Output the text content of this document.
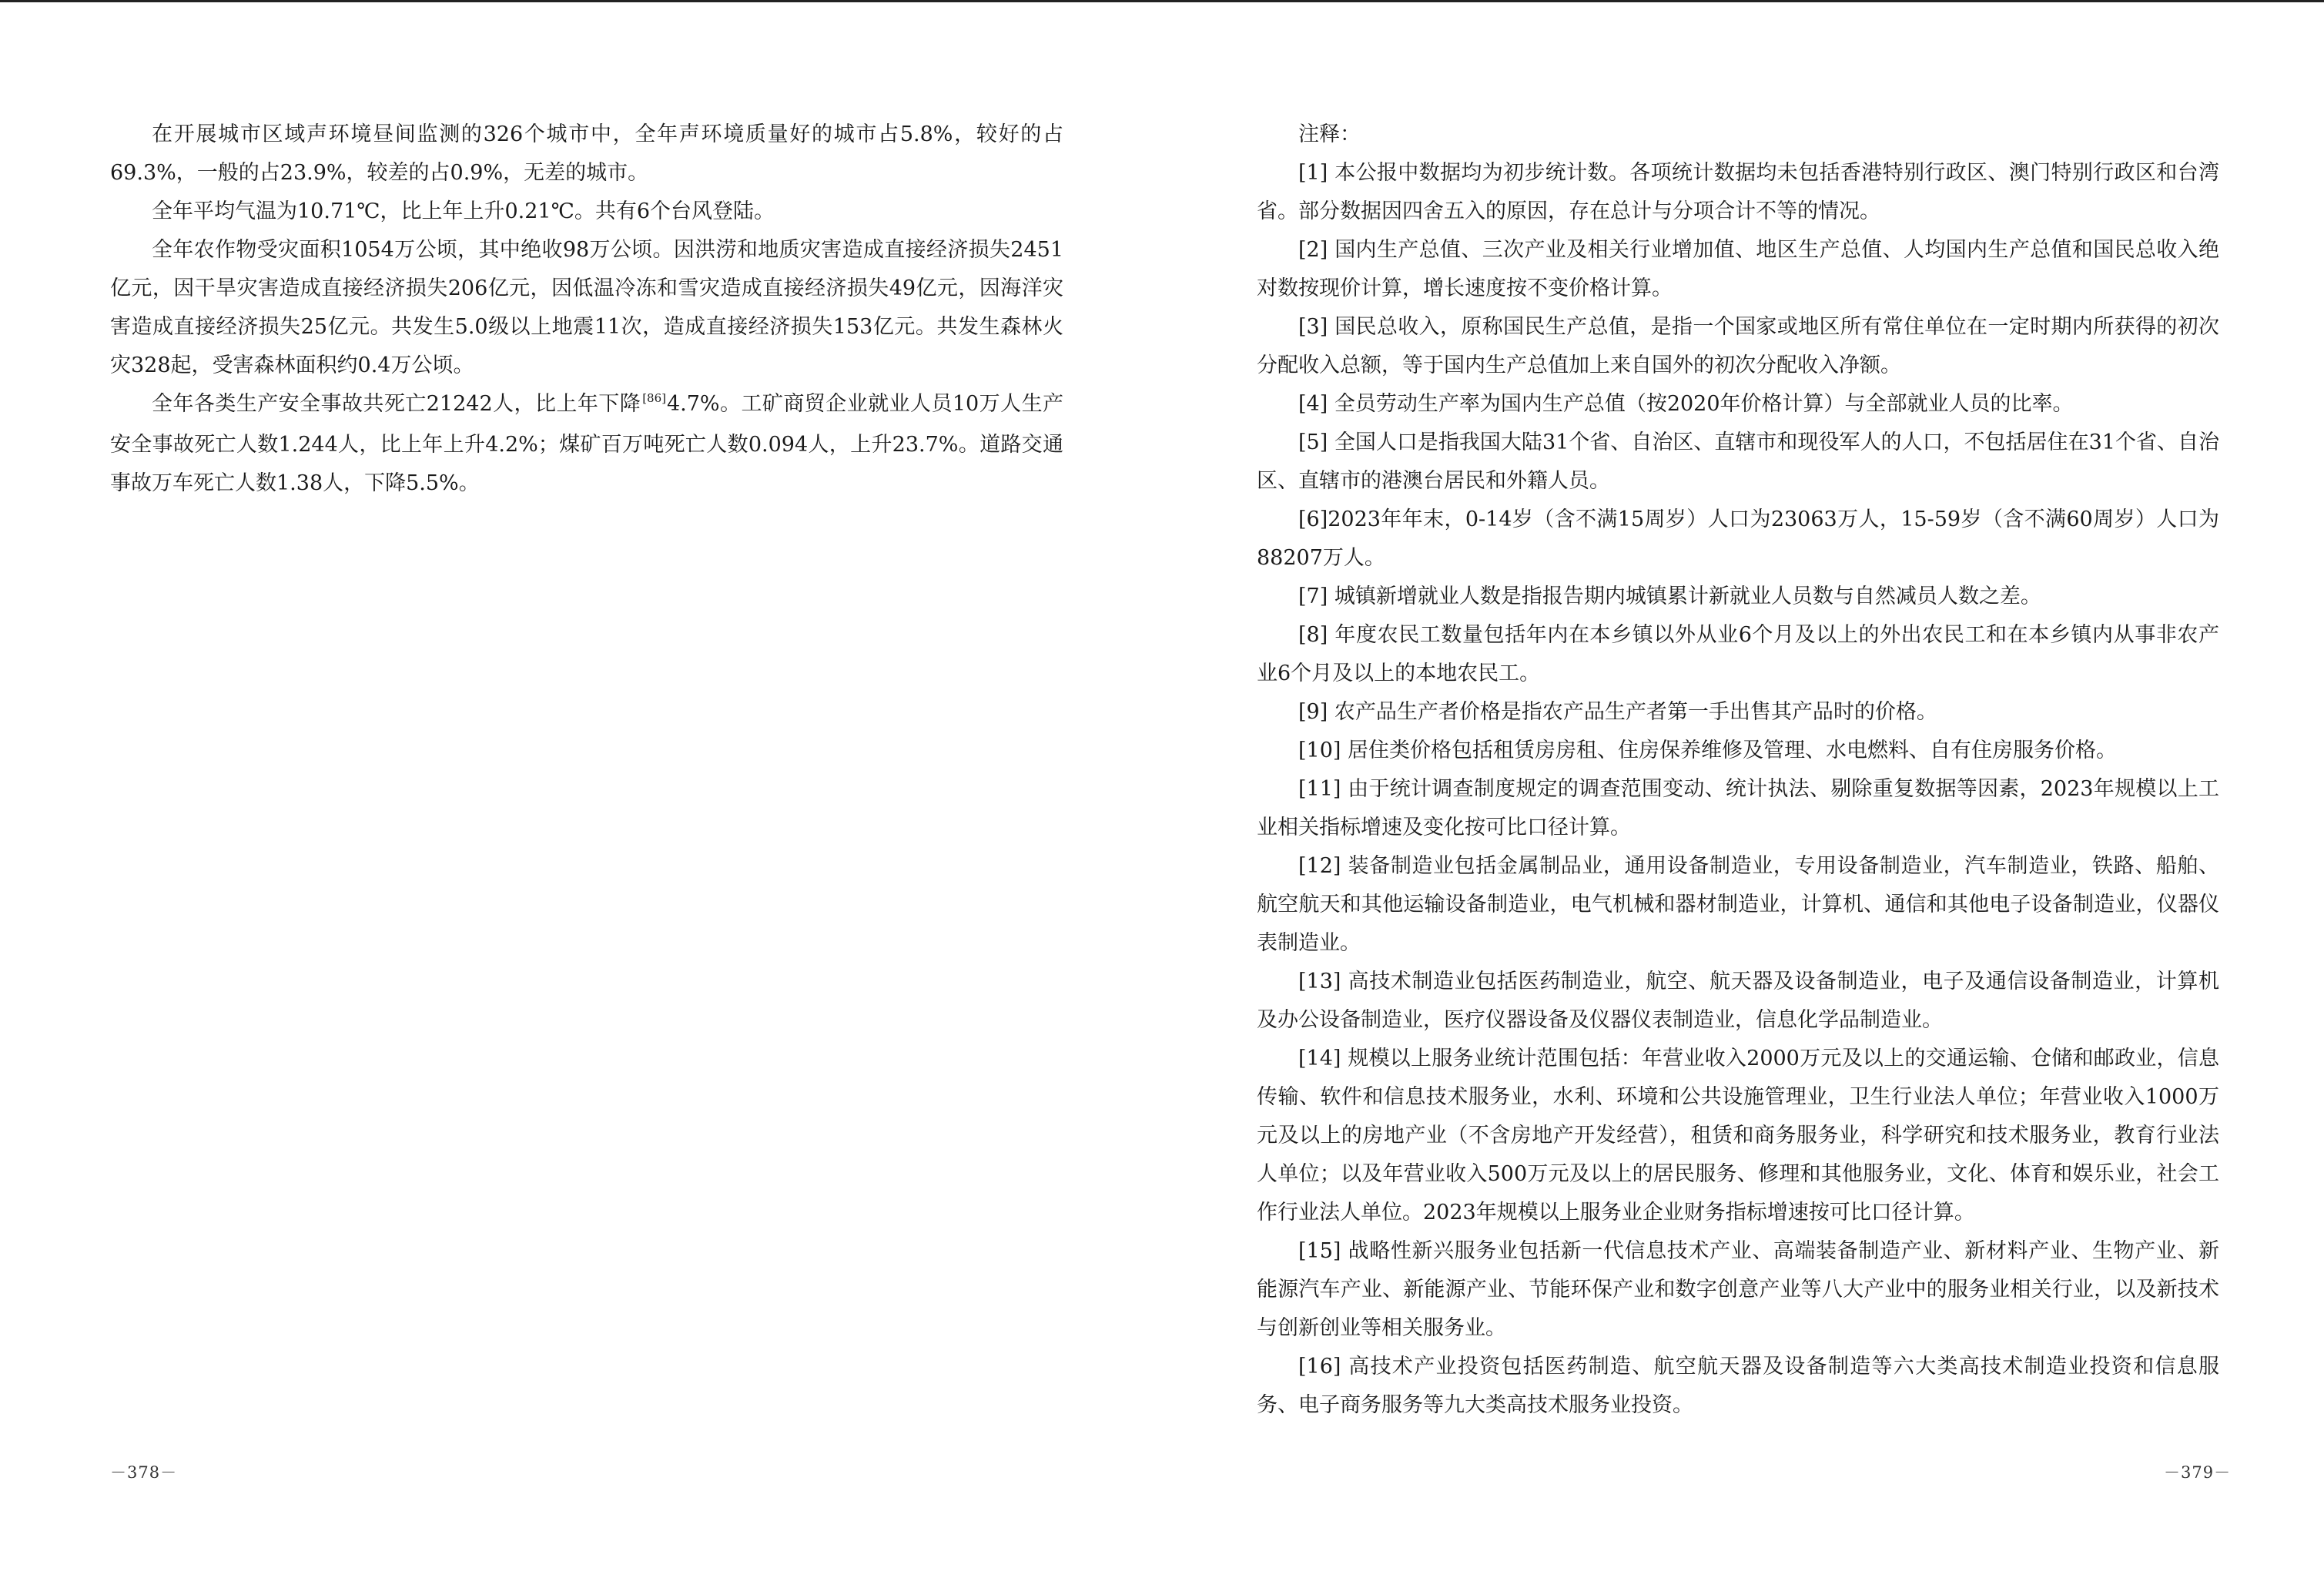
在开展城市区域声环境昼间监测的326个城市中，全年声环境质量好的城市占5.8%，较好的占69.3%，一般的占23.9%，较差的占0.9%，无差的城市。

全年平均气温为10.71℃，比上年上升0.21℃。共有6个台风登陆。

全年农作物受灾面积1054万公顷，其中绝收98万公顷。因洪涝和地质灾害造成直接经济损失2451亿元，因干旱灾害造成直接经济损失206亿元，因低温冷冻和雪灾造成直接经济损失49亿元，因海洋灾害造成直接经济损失25亿元。共发生5.0级以上地震11次，造成直接经济损失153亿元。共发生森林火灾328起，受害森林面积约0.4万公顷。

全年各类生产安全事故共死亡21242人，比上年下降 [86]4.7%。工矿商贸企业就业人员10万人生产安全事故死亡人数1.244人，比上年上升4.2%；煤矿百万吨死亡人数0.094人，上升23.7%。道路交通事故万车死亡人数1.38人，下降5.5%。

－378－

注释：

[1] 本公报中数据均为初步统计数。各项统计数据均未包括香港特别行政区、澳门特别行政区和台湾省。部分数据因四舍五入的原因，存在总计与分项合计不等的情况。

[2] 国内生产总值、三次产业及相关行业增加值、地区生产总值、人均国内生产总值和国民总收入绝对数按现价计算，增长速度按不变价格计算。

[3] 国民总收入，原称国民生产总值，是指一个国家或地区所有常住单位在一定时期内所获得的初次分配收入总额，等于国内生产总值加上来自国外的初次分配收入净额。

[4] 全员劳动生产率为国内生产总值（按2020年价格计算）与全部就业人员的比率。

[5] 全国人口是指我国大陆31个省、自治区、直辖市和现役军人的人口，不包括居住在31个省、自治区、直辖市的港澳台居民和外籍人员。

[6]2023年年末，0-14岁（含不满15周岁）人口为23063万人，15-59岁（含不满60周岁）人口为88207万人。

[7] 城镇新增就业人数是指报告期内城镇累计新就业人员数与自然减员人数之差。

[8] 年度农民工数量包括年内在本乡镇以外从业6个月及以上的外出农民工和在本乡镇内从事非农产业6个月及以上的本地农民工。

[9] 农产品生产者价格是指农产品生产者第一手出售其产品时的价格。

[10] 居住类价格包括租赁房房租、住房保养维修及管理、水电燃料、自有住房服务价格。

[11] 由于统计调查制度规定的调查范围变动、统计执法、剔除重复数据等因素，2023年规模以上工业相关指标增速及变化按可比口径计算。

[12] 装备制造业包括金属制品业，通用设备制造业，专用设备制造业，汽车制造业，铁路、船舶、航空航天和其他运输设备制造业，电气机械和器材制造业，计算机、通信和其他电子设备制造业，仪器仪表制造业。

[13] 高技术制造业包括医药制造业，航空、航天器及设备制造业，电子及通信设备制造业，计算机及办公设备制造业，医疗仪器设备及仪器仪表制造业，信息化学品制造业。

[14] 规模以上服务业统计范围包括：年营业收入2000万元及以上的交通运输、仓储和邮政业，信息传输、软件和信息技术服务业，水利、环境和公共设施管理业，卫生行业法人单位；年营业收入1000万元及以上的房地产业（不含房地产开发经营），租赁和商务服务业，科学研究和技术服务业，教育行业法人单位；以及年营业收入500万元及以上的居民服务、修理和其他服务业，文化、体育和娱乐业，社会工作行业法人单位。2023年规模以上服务业企业财务指标增速按可比口径计算。

[15] 战略性新兴服务业包括新一代信息技术产业、高端装备制造产业、新材料产业、生物产业、新能源汽车产业、新能源产业、节能环保产业和数字创意产业等八大产业中的服务业相关行业，以及新技术与创新创业等相关服务业。

[16] 高技术产业投资包括医药制造、航空航天器及设备制造等六大类高技术制造业投资和信息服务、电子商务服务等九大类高技术服务业投资。

－379－
